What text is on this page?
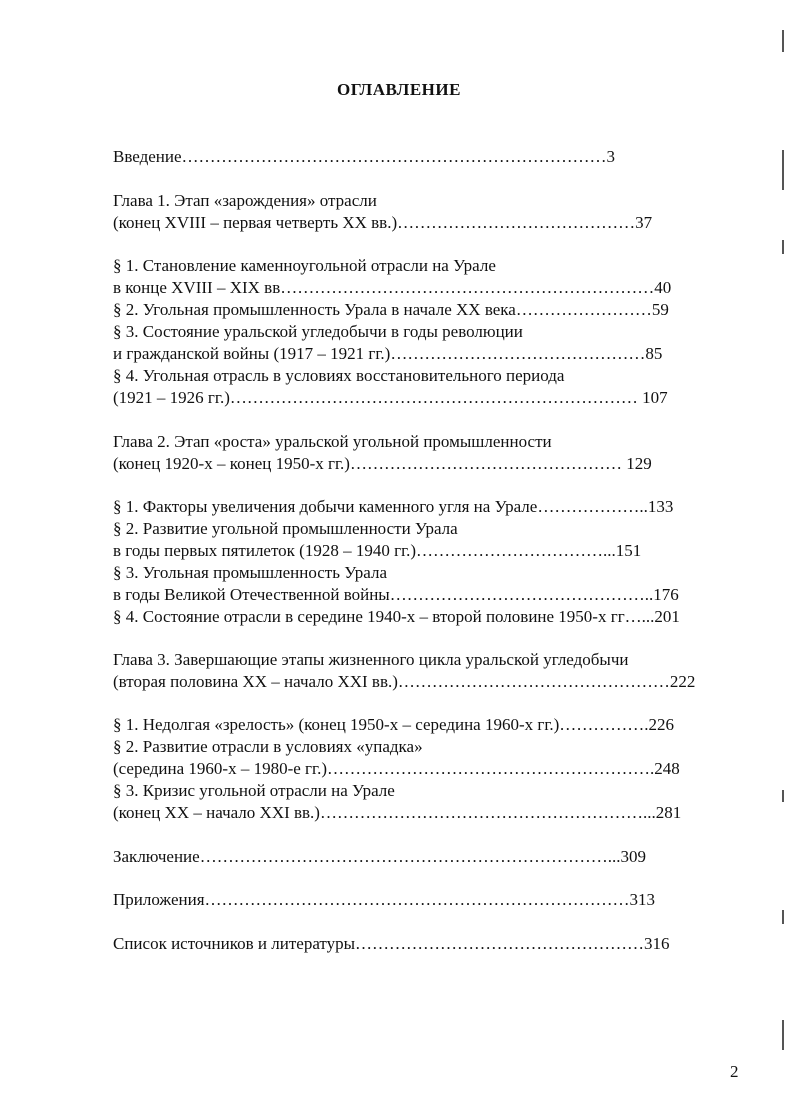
ОГЛАВЛЕНИЕ
Введение…………………………………………………………………3
Глава 1. Этап «зарождения» отрасли
(конец XVIII – первая четверть XX вв.)……………………………………37
§ 1. Становление каменноугольной отрасли на Урале
в конце XVIII – XIX вв…………………………………………………………40
§ 2. Угольная промышленность Урала в начале XX века……………………59
§ 3. Состояние уральской угледобычи в годы революции
и гражданской войны (1917 – 1921 гг.)………………………………………85
§ 4. Угольная отрасль в условиях восстановительного периода
(1921 – 1926 гг.)……………………………………………………………… 107
Глава 2. Этап «роста» уральской угольной промышленности
(конец 1920-х – конец 1950-х гг.)………………………………………… 129
§ 1. Факторы увеличения добычи каменного угля на Урале………………..133
§ 2. Развитие угольной промышленности Урала
в годы первых пятилеток (1928 – 1940 гг.)……………………………...151
§ 3. Угольная промышленность Урала
в годы Великой Отечественной войны………………………………………..176
§ 4. Состояние отрасли в середине 1940-х – второй половине 1950-х гг…...201
Глава 3. Завершающие этапы жизненного цикла уральской угледобычи
(вторая половина XX – начало XXI вв.)…………………………………………222
§ 1. Недолгая «зрелость» (конец 1950-х – середина 1960-х гг.)…………….226
§ 2. Развитие отрасли в условиях «упадка»
(середина 1960-х – 1980-е гг.)………………………………………………….248
§ 3. Кризис угольной отрасли на Урале
(конец XX – начало XXI вв.)…………………………………………………...281
Заключение………………………………………………………………...309
Приложения…………………………………………………………………313
Список источников и литературы……………………………………………316
2
